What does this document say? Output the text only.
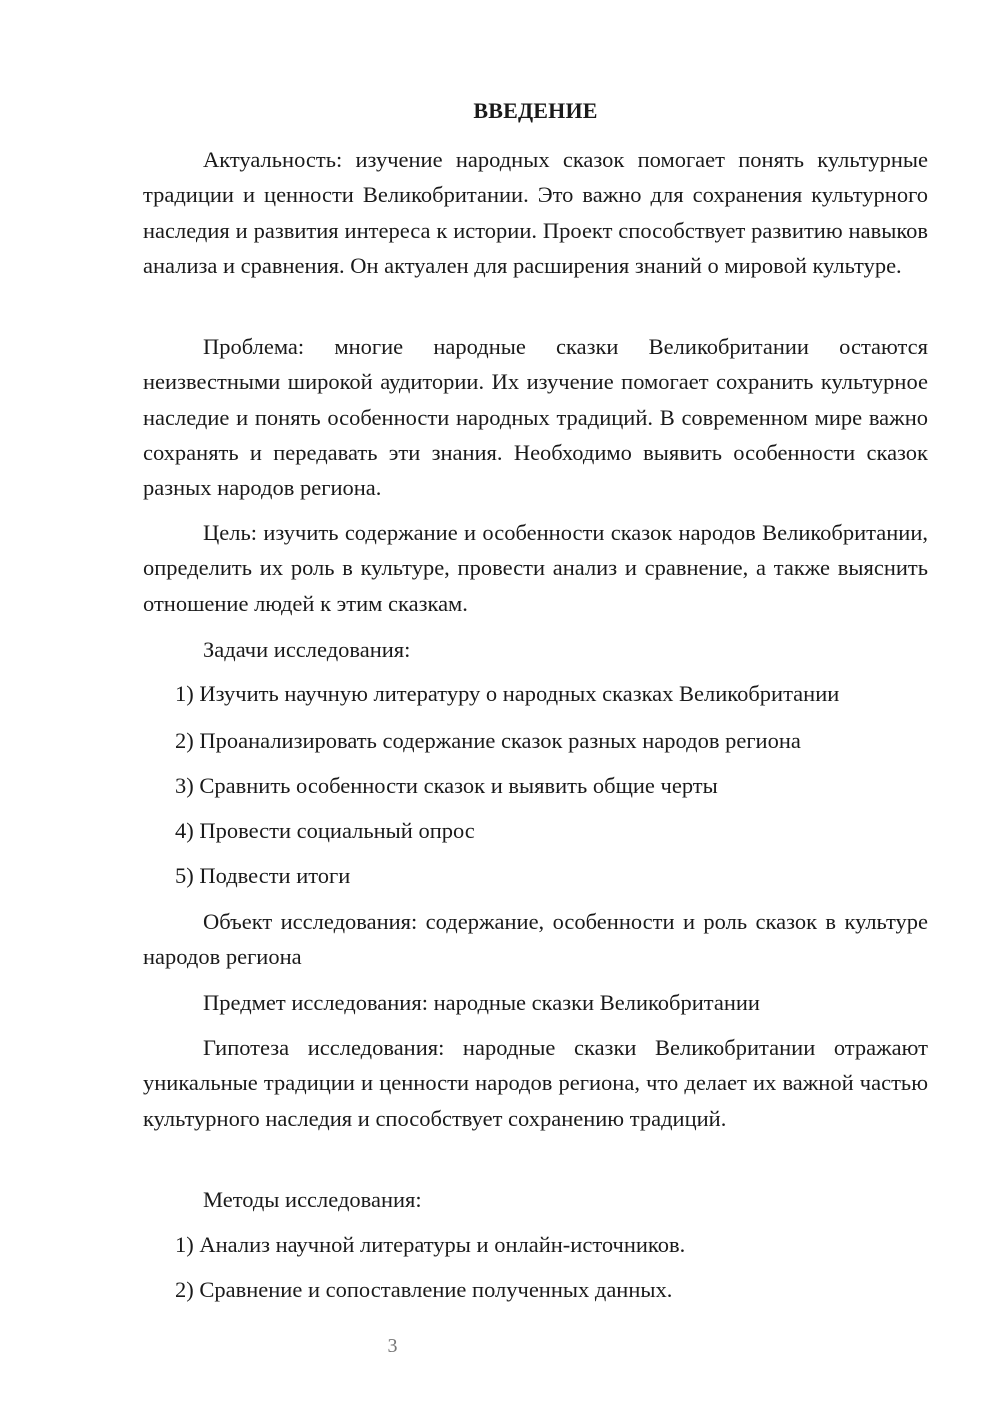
ВВЕДЕНИЕ

Актуальность: изучение народных сказок помогает понять культурные традиции и ценности Великобритании. Это важно для сохранения культурного наследия и развития интереса к истории. Проект способствует развитию навыков анализа и сравнения. Он актуален для расширения знаний о мировой культуре.

Проблема: многие народные сказки Великобритании остаются неизвестными широкой аудитории. Их изучение помогает сохранить культурное наследие и понять особенности народных традиций. В современном мире важно сохранять и передавать эти знания. Необходимо выявить особенности сказок разных народов региона.

Цель: изучить содержание и особенности сказок народов Великобритании, определить их роль в культуре, провести анализ и сравнение, а также выяснить отношение людей к этим сказкам.

Задачи исследования:

1) Изучить научную литературу о народных сказках Великобритании

2) Проанализировать содержание сказок разных народов региона

3) Сравнить особенности сказок и выявить общие черты

4) Провести социальный опрос

5) Подвести итоги

Объект исследования: содержание, особенности и роль сказок в культуре народов региона

Предмет исследования: народные сказки Великобритании

Гипотеза исследования: народные сказки Великобритании отражают уникальные традиции и ценности народов региона, что делает их важной частью культурного наследия и способствует сохранению традиций.

Методы исследования:

1) Анализ научной литературы и онлайн-источников.

2) Сравнение и сопоставление полученных данных.

3
